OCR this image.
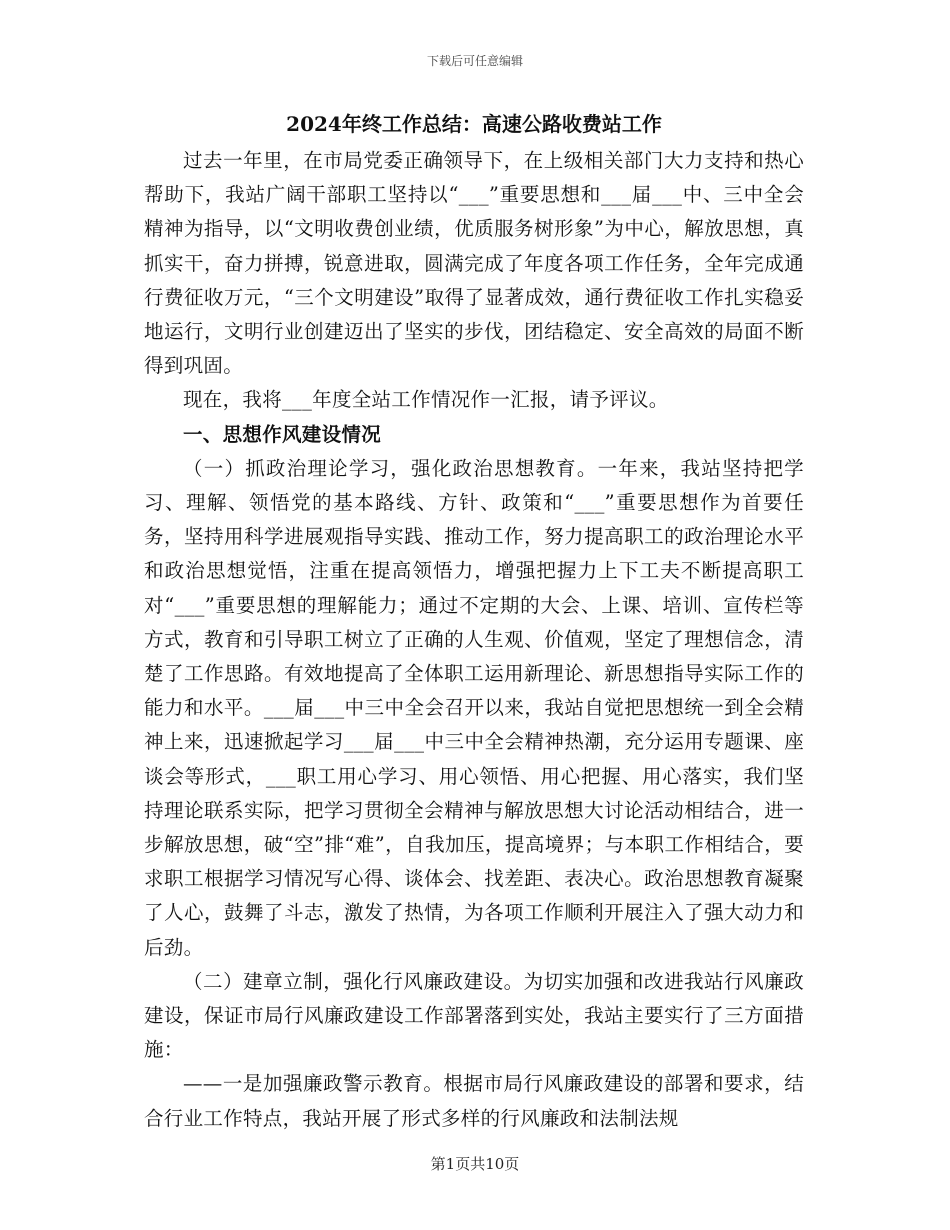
下载后可任意编辑
2024年终工作总结：高速公路收费站工作

过去一年里，在市局党委正确领导下，在上级相关部门大力支持和热心帮助下，我站广阔干部职工坚持以“___”重要思想和___届___中、三中全会精神为指导，以“文明收费创业绩，优质服务树形象”为中心，解放思想，真抓实干，奋力拼搏，锐意进取，圆满完成了年度各项工作任务，全年完成通行费征收万元，“三个文明建设”取得了显著成效，通行费征收工作扎实稳妥地运行，文明行业创建迈出了坚实的步伐，团结稳定、安全高效的局面不断得到巩固。

现在，我将___年度全站工作情况作一汇报，请予评议。

一、思想作风建设情况

（一）抓政治理论学习，强化政治思想教育。一年来，我站坚持把学习、理解、领悟党的基本路线、方针、政策和“___”重要思想作为首要任务，坚持用科学进展观指导实践、推动工作，努力提高职工的政治理论水平和政治思想觉悟，注重在提高领悟力，增强把握力上下工夫不断提高职工对“___”重要思想的理解能力；通过不定期的大会、上课、培训、宣传栏等方式，教育和引导职工树立了正确的人生观、价值观，坚定了理想信念，清楚了工作思路。有效地提高了全体职工运用新理论、新思想指导实际工作的能力和水平。___届___中三中全会召开以来，我站自觉把思想统一到全会精神上来，迅速掀起学习___届___中三中全会精神热潮，充分运用专题课、座谈会等形式，___职工用心学习、用心领悟、用心把握、用心落实，我们坚持理论联系实际，把学习贯彻全会精神与解放思想大讨论活动相结合，进一步解放思想，破“空”排“难”，自我加压，提高境界；与本职工作相结合，要求职工根据学习情况写心得、谈体会、找差距、表决心。政治思想教育凝聚了人心，鼓舞了斗志，激发了热情，为各项工作顺利开展注入了强大动力和后劲。

（二）建章立制，强化行风廉政建设。为切实加强和改进我站行风廉政建设，保证市局行风廉政建设工作部署落到实处，我站主要实行了三方面措施：

——一是加强廉政警示教育。根据市局行风廉政建设的部署和要求，结合行业工作特点，我站开展了形式多样的行风廉政和法制法规

第1页共10页
